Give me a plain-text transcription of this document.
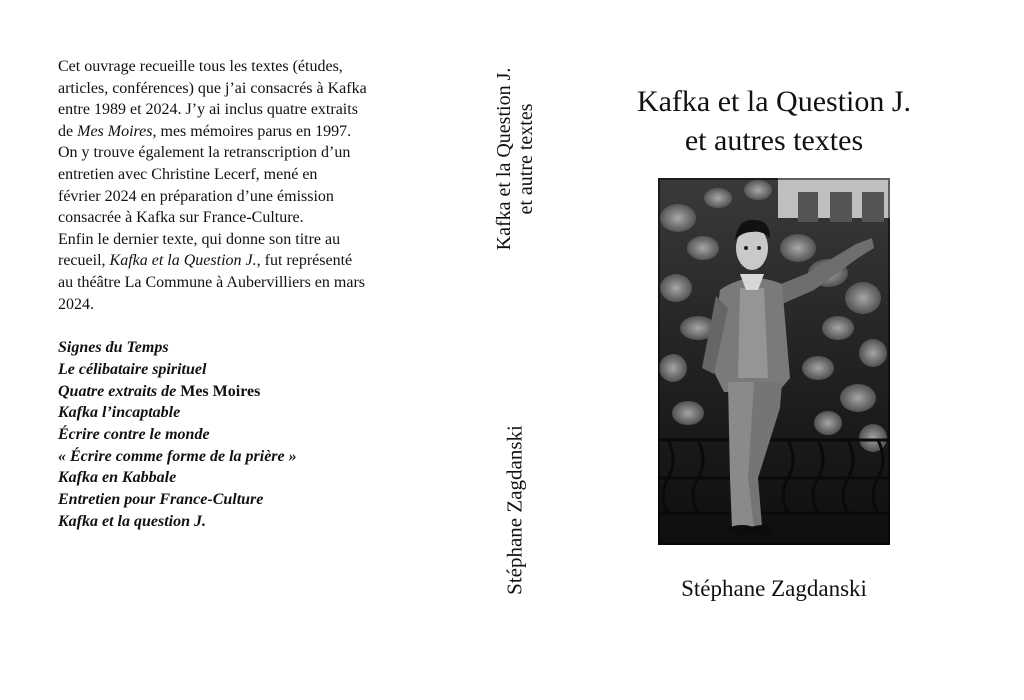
Cet ouvrage recueille tous les textes (études,

articles, conférences) que j’ai consacrés à Kafka

entre 1989 et 2024. J’y ai inclus quatre extraits

de Mes Moires, mes mémoires parus en 1997.

On y trouve également la retranscription d’un

entretien avec Christine Lecerf, mené en

février 2024 en préparation d’une émission

consacrée à Kafka sur France-Culture.

Enfin le dernier texte, qui donne son titre au

recueil, Kafka et la Question J., fut représenté

au théâtre La Commune à Aubervilliers en mars

2024.

Signes du Temps
Le célibataire spirituel
Quatre extraits de Mes Moires
Kafka l’incaptable
Écrire contre le monde
« Écrire comme forme de la prière »
Kafka en Kabbale
Entretien pour France-Culture
Kafka et la question J.
Kafka et la Question J. et autre textes
Stéphane Zagdanski
Kafka et la Question J.
et autres textes
Stéphane Zagdanski
